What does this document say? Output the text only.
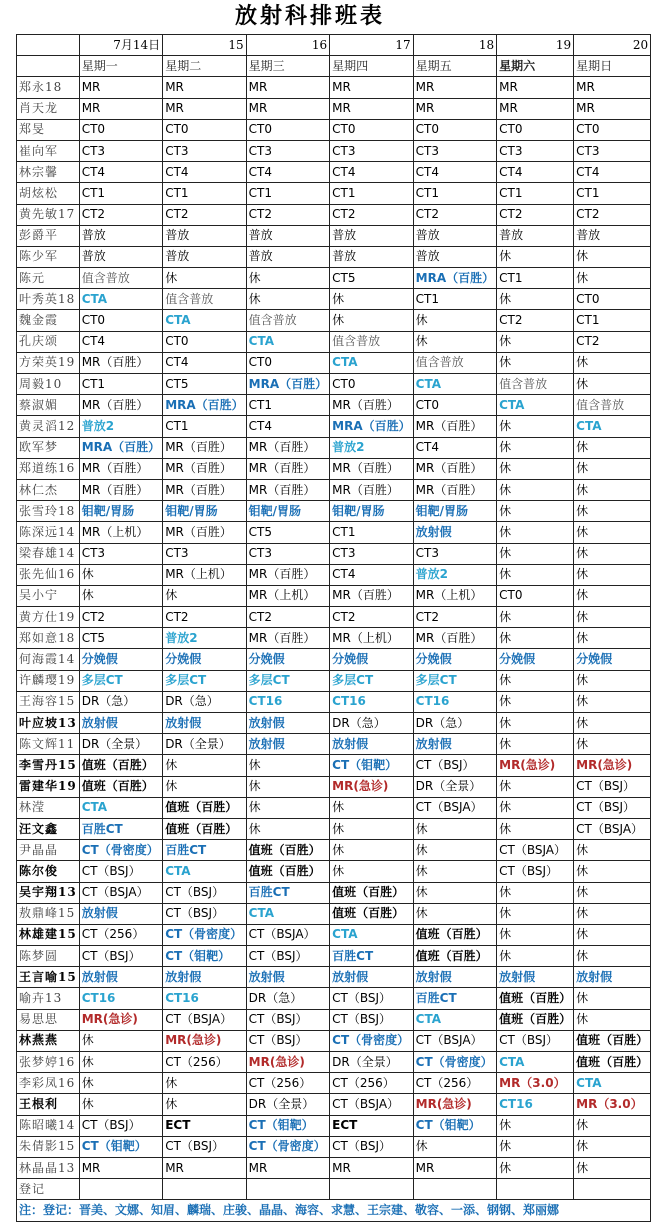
放射科排班表
	7月14日	15	16	17	18	19	20
	星期一	星期二	星期三	星期四	星期五	星期六	星期日
郑永18	MR	MR	MR	MR	MR	MR	MR
肖天龙	MR	MR	MR	MR	MR	MR	MR
郑旻	CT0	CT0	CT0	CT0	CT0	CT0	CT0
崔向军	CT3	CT3	CT3	CT3	CT3	CT3	CT3
林宗馨	CT4	CT4	CT4	CT4	CT4	CT4	CT4
胡炫松	CT1	CT1	CT1	CT1	CT1	CT1	CT1
黄先敏17	CT2	CT2	CT2	CT2	CT2	CT2	CT2
彭爵平	普放	普放	普放	普放	普放	普放	普放
陈少军	普放	普放	普放	普放	普放	休	休
陈元	值含普放	休	休	CT5	MRA（百胜）	CT1	休
叶秀英18	CTA	值含普放	休	休	CT1	休	CT0
魏金霞	CT0	CTA	值含普放	休	休	CT2	CT1
孔庆颂	CT4	CT0	CTA	值含普放	休	休	CT2
方荣英19	MR（百胜）	CT4	CT0	CTA	值含普放	休	休
周毅10	CT1	CT5	MRA（百胜）	CT0	CTA	值含普放	休
蔡淑媚	MR（百胜）	MRA（百胜）	CT1	MR（百胜）	CT0	CTA	值含普放
黄灵滔12	普放2	CT1	CT4	MRA（百胜）	MR（百胜）	休	CTA
欧军梦	MRA（百胜）	MR（百胜）	MR（百胜）	普放2	CT4	休	休
郑道练16	MR（百胜）	MR（百胜）	MR（百胜）	MR（百胜）	MR（百胜）	休	休
林仁杰	MR（百胜）	MR（百胜）	MR（百胜）	MR（百胜）	MR（百胜）	休	休
张雪玲18	钼靶/胃肠	钼靶/胃肠	钼靶/胃肠	钼靶/胃肠	钼靶/胃肠	休	休
陈深远14	MR（上机）	MR（百胜）	CT5	CT1	放射假	休	休
梁春雄14	CT3	CT3	CT3	CT3	CT3	休	休
张先仙16	休	MR（上机）	MR（百胜）	CT4	普放2	休	休
吴小宁	休	休	MR（上机）	MR（百胜）	MR（上机）	CT0	休
黄方仕19	CT2	CT2	CT2	CT2	CT2	休	休
郑如意18	CT5	普放2	MR（百胜）	MR（上机）	MR（百胜）	休	休
何海霞14	分娩假	分娩假	分娩假	分娩假	分娩假	分娩假	分娩假
许麟璎19	多层CT	多层CT	多层CT	多层CT	多层CT	休	休
王海容15	DR（急）	DR（急）	CT16	CT16	CT16	休	休
叶应坡13	放射假	放射假	放射假	DR（急）	DR（急）	休	休
陈文辉11	DR（全景）	DR（全景）	放射假	放射假	放射假	休	休
李雪丹15	值班（百胜）	休	休	CT（钼靶）	CT（BSJ）	MR(急诊)	MR(急诊)
雷建华19	值班（百胜）	休	休	MR(急诊)	DR（全景）	休	CT（BSJ）
林滢	CTA	值班（百胜）	休	休	CT（BSJA）	休	CT（BSJ）
汪文鑫	百胜CT	值班（百胜）	休	休	休	休	CT（BSJA）
尹晶晶	CT（骨密度）	百胜CT	值班（百胜）	休	休	CT（BSJA）	休
陈尔俊	CT（BSJ）	CTA	值班（百胜）	休	休	CT（BSJ）	休
吴宇翔13	CT（BSJA）	CT（BSJ）	百胜CT	值班（百胜）	休	休	休
敖鼎峰15	放射假	CT（BSJ）	CTA	值班（百胜）	休	休	休
林雄建15	CT（256）	CT（骨密度）	CT（BSJA）	CTA	值班（百胜）	休	休
陈梦圆	CT（BSJ）	CT（钼靶）	CT（BSJ）	百胜CT	值班（百胜）	休	休
王言喻15	放射假	放射假	放射假	放射假	放射假	放射假	放射假
喻卉13	CT16	CT16	DR（急）	CT（BSJ）	百胜CT	值班（百胜）	休
易思思	MR(急诊)	CT（BSJA）	CT（BSJ）	CT（BSJ）	CTA	值班（百胜）	休
林燕燕	休	MR(急诊)	CT（BSJ）	CT（骨密度）	CT（BSJA）	CT（BSJ）	值班（百胜）
张梦婷16	休	CT（256）	MR(急诊)	DR（全景）	CT（骨密度）	CTA	值班（百胜）
李彩凤16	休	休	CT（256）	CT（256）	CT（256）	MR（3.0）	CTA
王根利	休	休	DR（全景）	CT（BSJA）	MR(急诊)	CT16	MR（3.0）
陈昭曦14	CT（BSJ）	ECT	CT（钼靶）	ECT	CT（钼靶）	休	休
朱倩影15	CT（钼靶）	CT（BSJ）	CT（骨密度）	CT（BSJ）	休	休	休
林晶晶13	MR	MR	MR	MR	MR	休	休
登记							
注：登记：晋美、文娜、知眉、麟瑞、庄骏、晶晶、海容、求慧、王宗建、敬容、一添、钢钢、郑丽娜							
